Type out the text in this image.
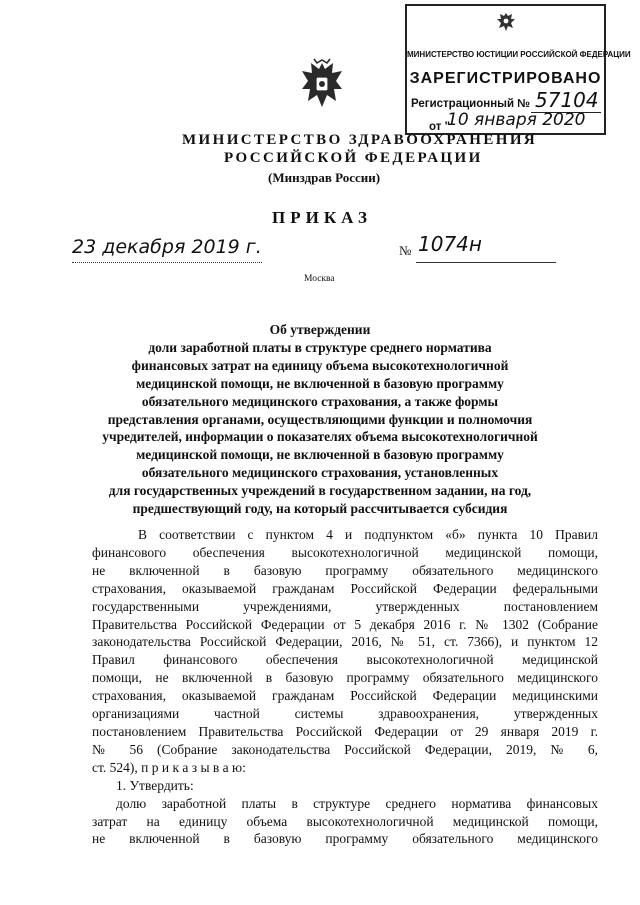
МИНИСТЕРСТВО ЮСТИЦИИ РОССИЙСКОЙ ФЕДЕРАЦИИ
ЗАРЕГИСТРИРОВАНО
Регистрационный № 57104
от "
10 января 2020
МИНИСТЕРСТВО ЗДРАВООХРАНЕНИЯ
РОССИЙСКОЙ ФЕДЕРАЦИИ
(Минздрав России)
ПРИКАЗ
23 декабря 2019 г.	№ 1074н
Москва
Об утверждении
доли заработной платы в структуре среднего норматива
финансовых затрат на единицу объема высокотехнологичной
медицинской помощи, не включенной в базовую программу
обязательного медицинского страхования, а также формы
представления органами, осуществляющими функции и полномочия
учредителей, информации о показателях объема высокотехнологичной
медицинской помощи, не включенной в базовую программу
обязательного медицинского страхования, установленных
для государственных учреждений в государственном задании, на год,
предшествующий году, на который рассчитывается субсидия
В соответствии с пунктом 4 и подпунктом «б» пункта 10 Правил
финансового обеспечения высокотехнологичной медицинской помощи,
не включенной в базовую программу обязательного медицинского
страхования, оказываемой гражданам Российской Федерации федеральными
государственными учреждениями, утвержденных постановлением
Правительства Российской Федерации от 5 декабря 2016 г. № 1302 (Собрание
законодательства Российской Федерации, 2016, № 51, ст. 7366), и пунктом 12
Правил финансового обеспечения высокотехнологичной медицинской
помощи, не включенной в базовую программу обязательного медицинского
страхования, оказываемой гражданам Российской Федерации медицинскими
организациями частной системы здравоохранения, утвержденных
постановлением Правительства Российской Федерации от 29 января 2019 г.
№ 56 (Собрание законодательства Российской Федерации, 2019, № 6,
ст. 524), п р и к а з ы в а ю:
1. Утвердить:
долю заработной платы в структуре среднего норматива финансовых
затрат на единицу объема высокотехнологичной медицинской помощи,
не включенной в базовую программу обязательного медицинского
